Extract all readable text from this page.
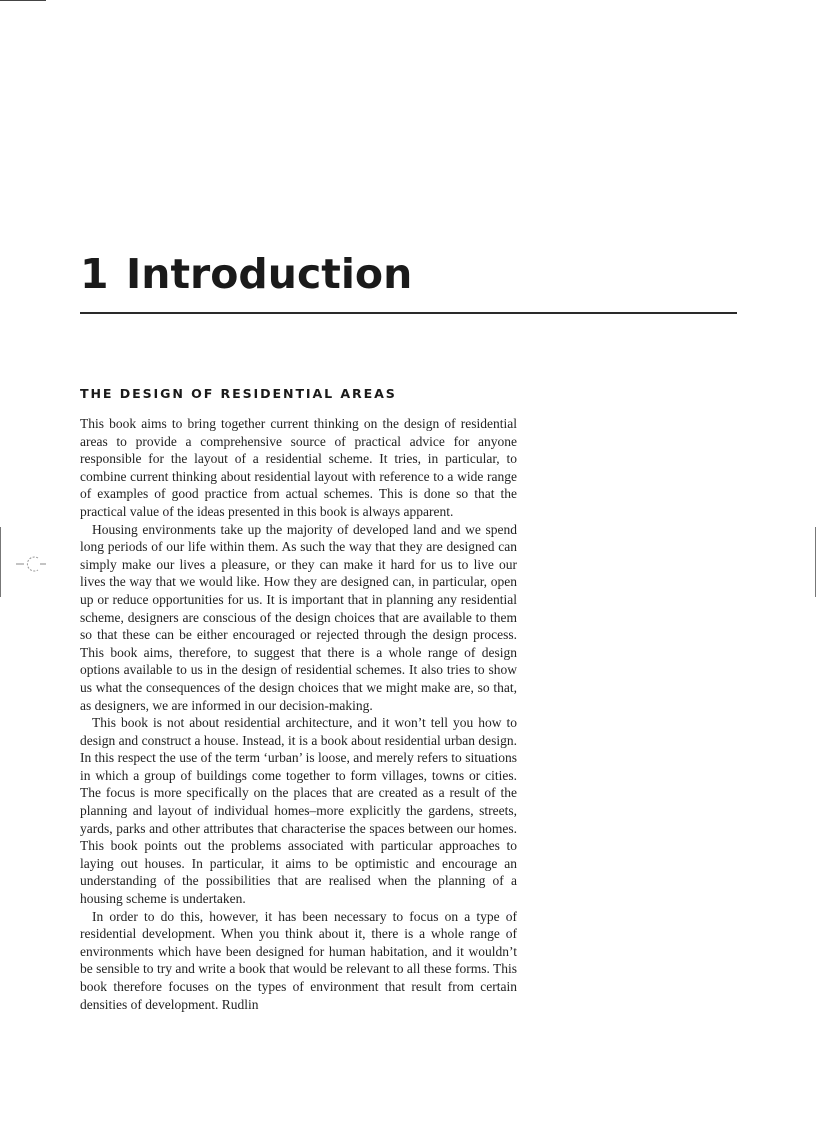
1 Introduction
THE DESIGN OF RESIDENTIAL AREAS

This book aims to bring together current thinking on the design of residential areas to provide a comprehensive source of practical advice for anyone responsible for the layout of a residential scheme. It tries, in particular, to combine current thinking about residential layout with reference to a wide range of examples of good practice from actual schemes. This is done so that the practical value of the ideas presented in this book is always apparent.

Housing environments take up the majority of developed land and we spend long periods of our life within them. As such the way that they are designed can simply make our lives a pleasure, or they can make it hard for us to live our lives the way that we would like. How they are designed can, in particular, open up or reduce opportunities for us. It is important that in planning any residential scheme, designers are conscious of the design choices that are available to them so that these can be either encouraged or rejected through the design process. This book aims, therefore, to suggest that there is a whole range of design options available to us in the design of residential schemes. It also tries to show us what the consequences of the design choices that we might make are, so that, as designers, we are informed in our decision-making.

This book is not about residential architecture, and it won’t tell you how to design and construct a house. Instead, it is a book about residential urban design. In this respect the use of the term ‘urban’ is loose, and merely refers to situations in which a group of buildings come together to form villages, towns or cities. The focus is more specifically on the places that are created as a result of the planning and layout of individual homes–more explicitly the gardens, streets, yards, parks and other attributes that characterise the spaces between our homes. This book points out the problems associated with particular approaches to laying out houses. In particular, it aims to be optimistic and encourage an understanding of the possibilities that are realised when the planning of a housing scheme is undertaken.

In order to do this, however, it has been necessary to focus on a type of residential development. When you think about it, there is a whole range of environments which have been designed for human habitation, and it wouldn’t be sensible to try and write a book that would be relevant to all these forms. This book therefore focuses on the types of environment that result from certain densities of development. Rudlin
